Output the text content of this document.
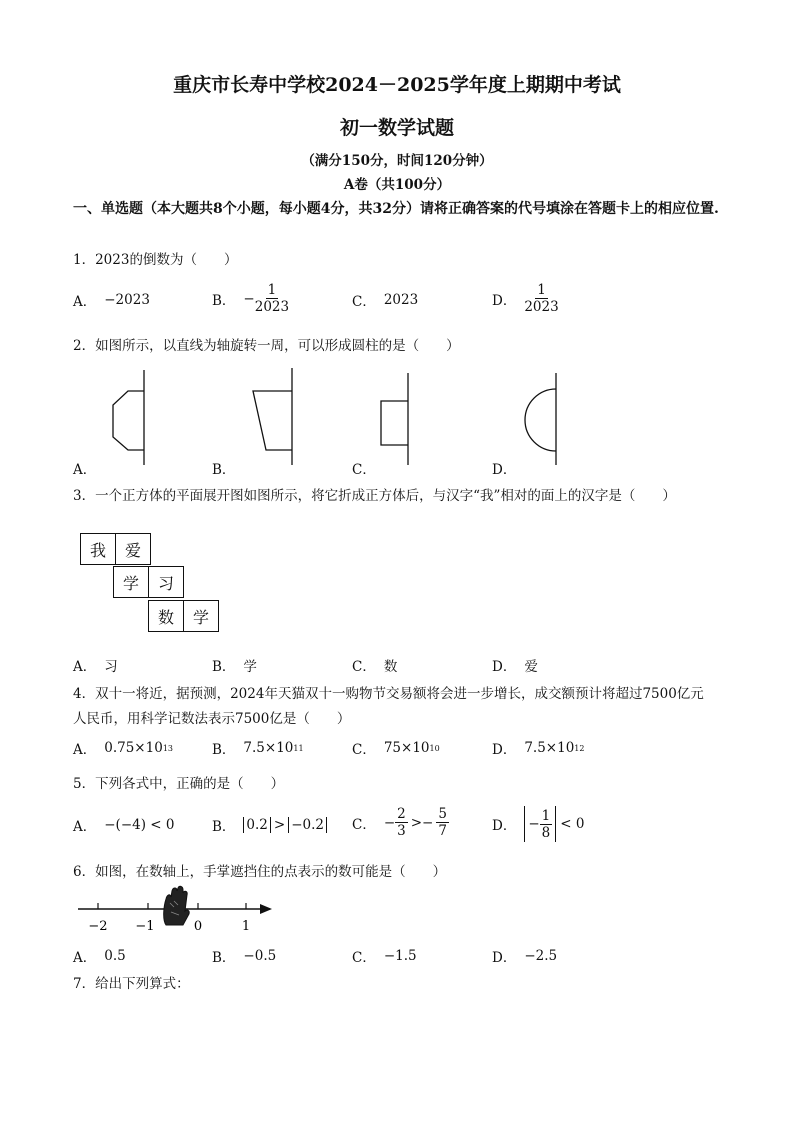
重庆市长寿中学校2024－2025学年度上期期中考试
初一数学试题
（满分150分，时间120分钟）
A卷（共100分）
一、单选题（本大题共8个小题，每小题4分，共32分）请将正确答案的代号填涂在答题卡上的相应位置.
1．2023的倒数为（　　）
A． −2023	B． − $\frac{1}{2023}$	C． 2023	D． $\frac{1}{2023}$
2．如图所示，以直线为轴旋转一周，可以形成圆柱的是（　　）
A．	B．	C．	D．
3．一个正方体的平面展开图如图所示，将它折成正方体后，与汉字“我”相对的面上的汉字是（　　）
我	爱
学	习
数	学
A． 习	B． 学	C． 数	D． 爱
4．双十一将近，据预测，2024年天猫双十一购物节交易额将会进一步增长，成交额预计将超过7500亿元
人民币，用科学记数法表示7500亿是（　　）
A． 0.75×10 13	B． 7.5×10 11	C． 75×10 10	D． 7.5×10 12
5．下列各式中，正确的是（　　）
A． −(−4) < 0	B． 0.2 > −0.2 C． − $\frac{2}{3} >- \frac{5}{7}$	D． − $\frac{1}{8} < 0$
6．如图，在数轴上，手掌遮挡住的点表示的数可能是（　　）
−2 −1	0	1
A． 0.5	B． −0.5	C． −1.5	D． −2.5
7．给出下列算式：
